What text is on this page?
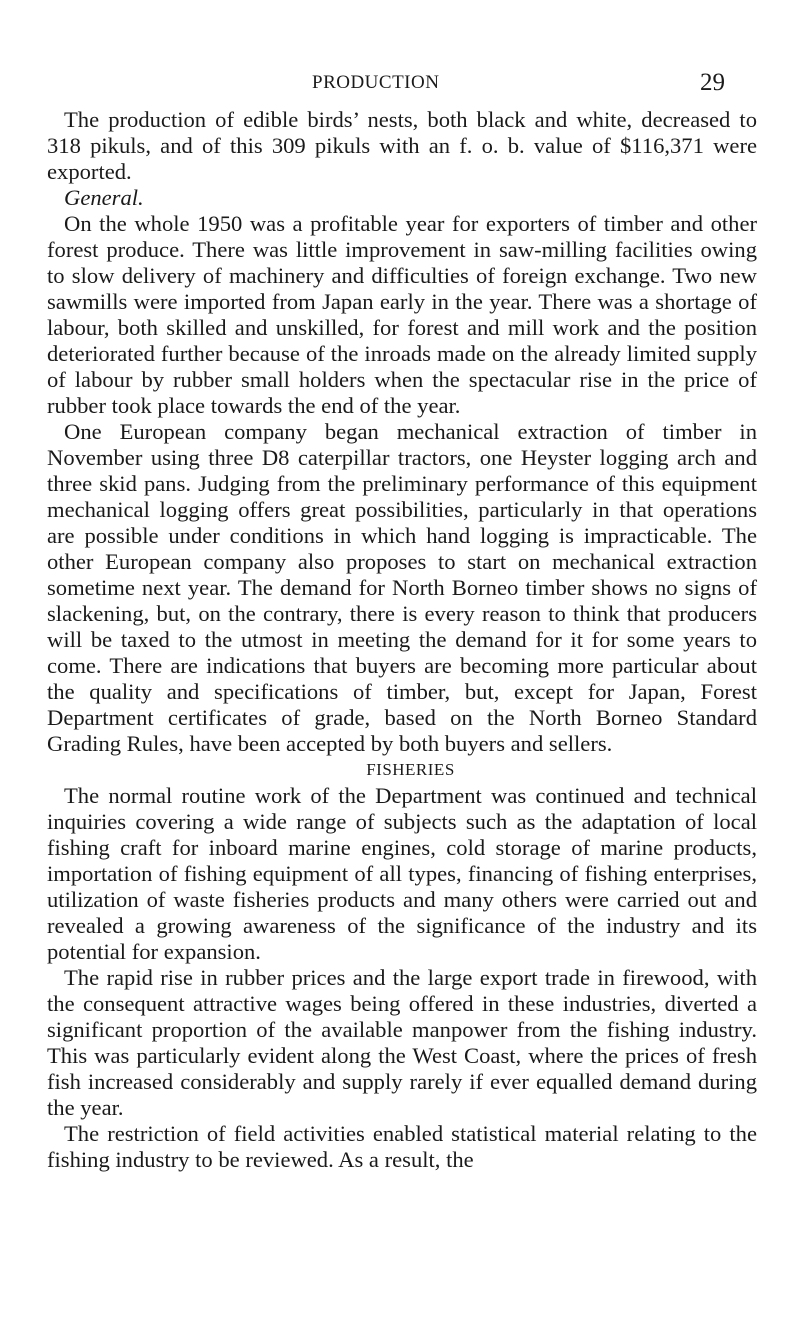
PRODUCTION	29

The production of edible birds’ nests, both black and white, decreased to 318 pikuls, and of this 309 pikuls with an f. o. b. value of $116,371 were exported.

General.

On the whole 1950 was a profitable year for exporters of timber and other forest produce. There was little improvement in saw-milling facilities owing to slow delivery of machinery and difficulties of foreign exchange. Two new sawmills were imported from Japan early in the year. There was a shortage of labour, both skilled and unskilled, for forest and mill work and the position deteriorated further because of the inroads made on the already limited supply of labour by rubber small holders when the spectacular rise in the price of rubber took place towards the end of the year.

One European company began mechanical extraction of timber in November using three D8 caterpillar tractors, one Heyster logging arch and three skid pans. Judging from the preliminary performance of this equipment mechanical logging offers great possibilities, particularly in that operations are possible under conditions in which hand logging is impracticable. The other European company also proposes to start on mechanical extraction sometime next year. The demand for North Borneo timber shows no signs of slackening, but, on the contrary, there is every reason to think that producers will be taxed to the utmost in meeting the demand for it for some years to come. There are indications that buyers are becoming more particular about the quality and specifications of timber, but, except for Japan, Forest Department certificates of grade, based on the North Borneo Standard Grading Rules, have been accepted by both buyers and sellers.

FISHERIES

The normal routine work of the Department was continued and technical inquiries covering a wide range of subjects such as the adaptation of local fishing craft for inboard marine engines, cold storage of marine products, importation of fishing equipment of all types, financing of fishing enterprises, utilization of waste fisheries products and many others were carried out and revealed a growing awareness of the significance of the industry and its potential for expansion.

The rapid rise in rubber prices and the large export trade in firewood, with the consequent attractive wages being offered in these industries, diverted a significant proportion of the available manpower from the fishing industry. This was particularly evident along the West Coast, where the prices of fresh fish increased considerably and supply rarely if ever equalled demand during the year.

The restriction of field activities enabled statistical material relating to the fishing industry to be reviewed. As a result, the
